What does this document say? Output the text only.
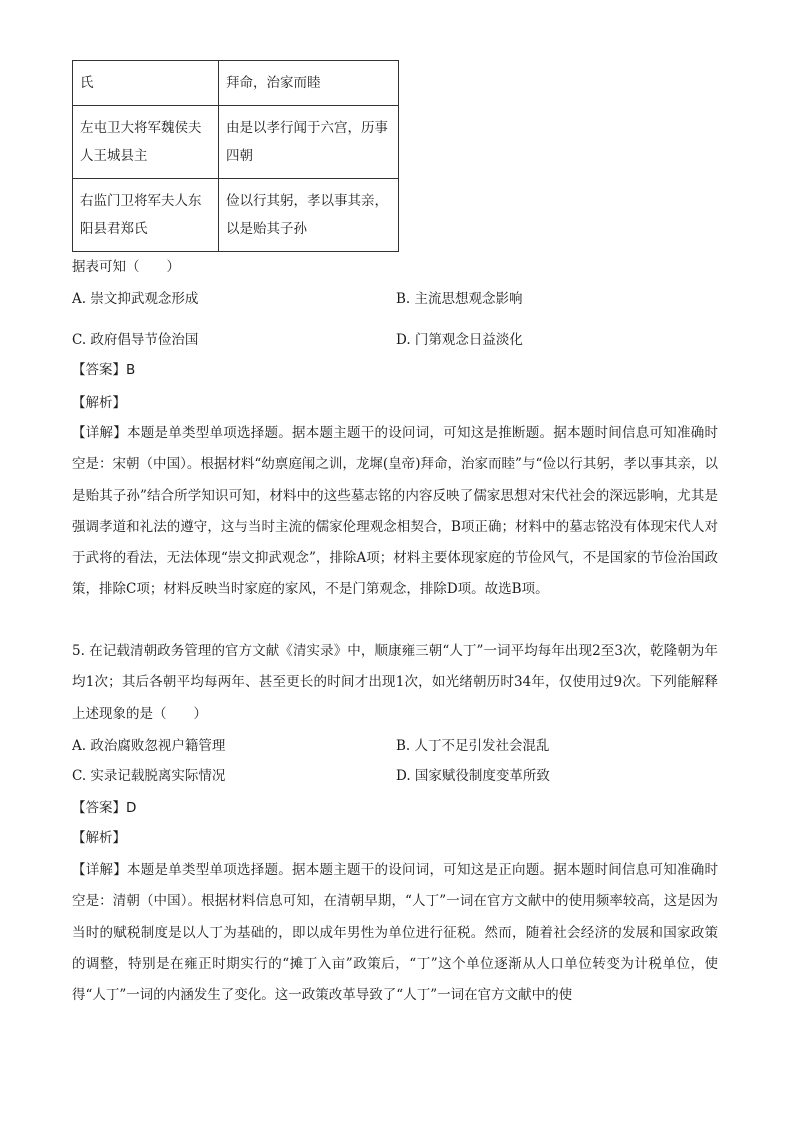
氏	拜命，治家而睦
左屯卫大将军魏侯夫人王城县主	由是以孝行闻于六宫，历事四朝
右监门卫将军夫人东阳县君郑氏	俭以行其躬，孝以事其亲，以是贻其子孙
据表可知（　　）
A. 崇文抑武观念形成	B. 主流思想观念影响
C. 政府倡导节俭治国	D. 门第观念日益淡化
【答案】B
【解析】
【详解】本题是单类型单项选择题。据本题主题干的设问词，可知这是推断题。据本题时间信息可知准确时空是：宋朝（中国）。根据材料“幼禀庭闱之训，龙墀(皇帝)拜命，治家而睦”与“俭以行其躬，孝以事其亲，以是贻其子孙”结合所学知识可知，材料中的这些墓志铭的内容反映了儒家思想对宋代社会的深远影响，尤其是强调孝道和礼法的遵守，这与当时主流的儒家伦理观念相契合，B项正确；材料中的墓志铭没有体现宋代人对于武将的看法，无法体现“崇文抑武观念”，排除A项；材料主要体现家庭的节俭风气，不是国家的节俭治国政策，排除C项；材料反映当时家庭的家风，不是门第观念，排除D项。故选B项。
5. 在记载清朝政务管理的官方文献《清实录》中，顺康雍三朝“人丁”一词平均每年出现2至3次，乾隆朝为年均1次；其后各朝平均每两年、甚至更长的时间才出现1次，如光绪朝历时34年，仅使用过9次。下列能解释上述现象的是（　　）
A. 政治腐败忽视户籍管理	B. 人丁不足引发社会混乱
C. 实录记载脱离实际情况	D. 国家赋役制度变革所致
【答案】D
【解析】
【详解】本题是单类型单项选择题。据本题主题干的设问词，可知这是正向题。据本题时间信息可知准确时空是：清朝（中国）。根据材料信息可知，在清朝早期，“人丁”一词在官方文献中的使用频率较高，这是因为当时的赋税制度是以人丁为基础的，即以成年男性为单位进行征税。然而，随着社会经济的发展和国家政策的调整，特别是在雍正时期实行的“摊丁入亩”政策后，“丁”这个单位逐渐从人口单位转变为计税单位，使得“人丁”一词的内涵发生了变化。这一政策改革导致了“人丁”一词在官方文献中的使
